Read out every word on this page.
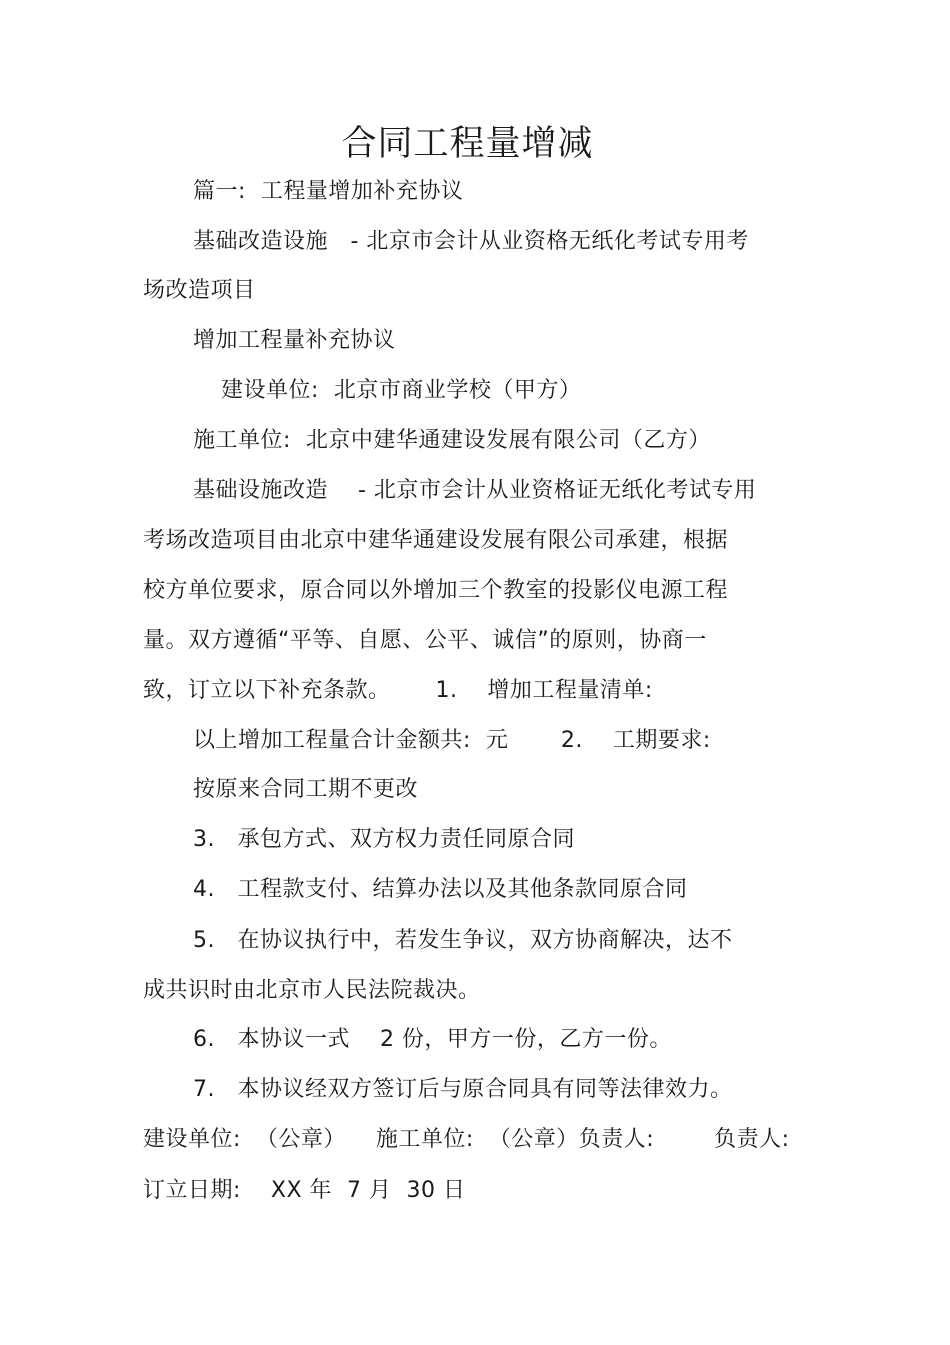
合同工程量增减
篇一:  工程量增加补充协议
基础改造设施   - 北京市会计从业资格无纸化考试专用考
场改造项目
增加工程量补充协议
建设单位:  北京市商业学校（甲方）
施工单位:  北京中建华通建设发展有限公司（乙方）
基础设施改造    - 北京市会计从业资格证无纸化考试专用
考场改造项目由北京中建华通建设发展有限公司承建，根据
校方单位要求，原合同以外增加三个教室的投影仪电源工程
量。双方遵循“平等、自愿、公平、诚信”的原则，协商一
致，订立以下补充条款。      1.    增加工程量清单:
以上增加工程量合计金额共:  元       2.    工期要求:
按原来合同工期不更改
3.   承包方式、双方权力责任同原合同
4.   工程款支付、结算办法以及其他条款同原合同
5.   在协议执行中，若发生争议，双方协商解决，达不
成共识时由北京市人民法院裁决。
6.   本协议一式    2 份，甲方一份，乙方一份。
7.   本协议经双方签订后与原合同具有同等法律效力。
建设单位:  （公章）    施工单位:  （公章）负责人:        负责人:
订立日期:    XX 年  7 月  30 日
